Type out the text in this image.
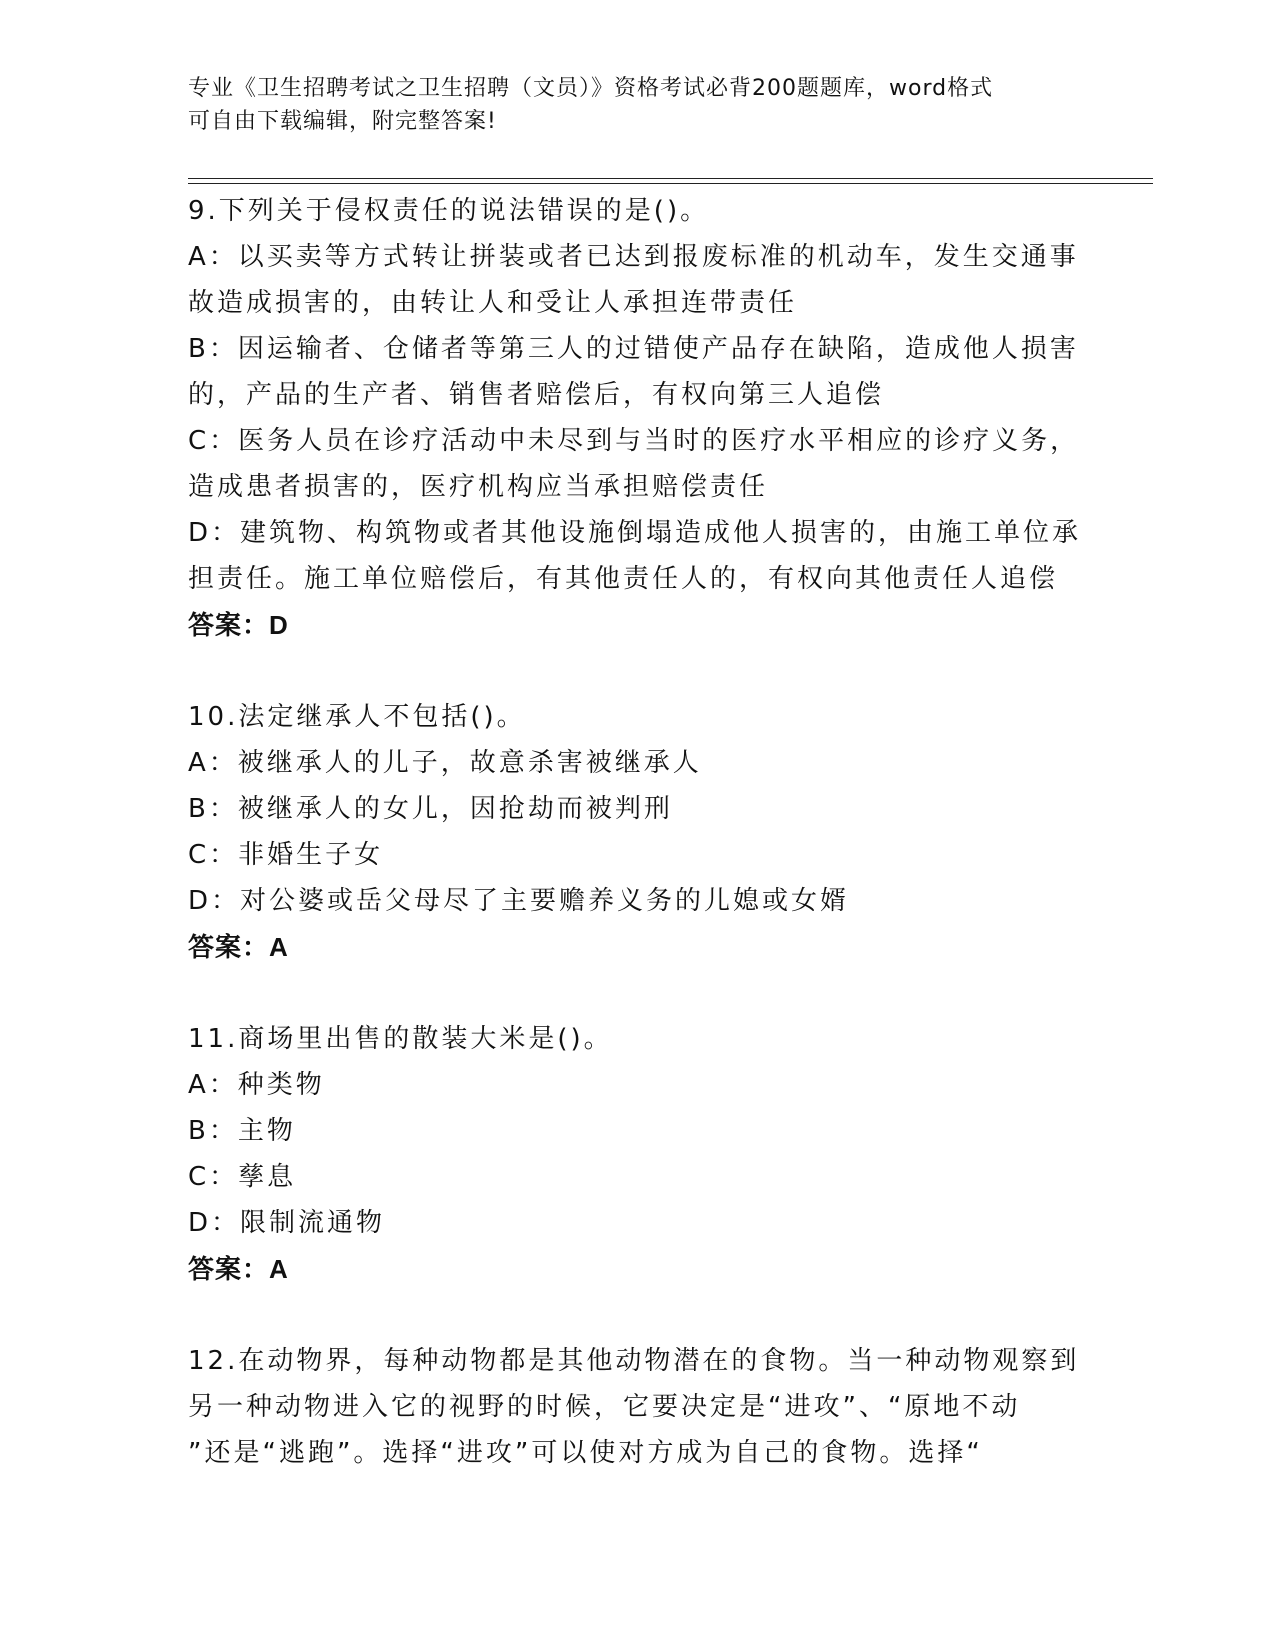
专业《卫生招聘考试之卫生招聘（文员）》资格考试必背200题题库，word格式
可自由下载编辑，附完整答案!
9.下列关于侵权责任的说法错误的是()。
A：以买卖等方式转让拼装或者已达到报废标准的机动车，发生交通事
故造成损害的，由转让人和受让人承担连带责任
B：因运输者、仓储者等第三人的过错使产品存在缺陷，造成他人损害
的，产品的生产者、销售者赔偿后，有权向第三人追偿
C：医务人员在诊疗活动中未尽到与当时的医疗水平相应的诊疗义务，
造成患者损害的，医疗机构应当承担赔偿责任
D：建筑物、构筑物或者其他设施倒塌造成他人损害的，由施工单位承
担责任。施工单位赔偿后，有其他责任人的，有权向其他责任人追偿
答案：D
10.法定继承人不包括()。
A：被继承人的儿子，故意杀害被继承人
B：被继承人的女儿，因抢劫而被判刑
C：非婚生子女
D：对公婆或岳父母尽了主要赡养义务的儿媳或女婿
答案：A
11.商场里出售的散装大米是()。
A：种类物
B：主物
C：孳息
D：限制流通物
答案：A
12.在动物界，每种动物都是其他动物潜在的食物。当一种动物观察到
另一种动物进入它的视野的时候，它要决定是“进攻”、“原地不动
”还是“逃跑”。选择“进攻”可以使对方成为自己的食物。选择“
